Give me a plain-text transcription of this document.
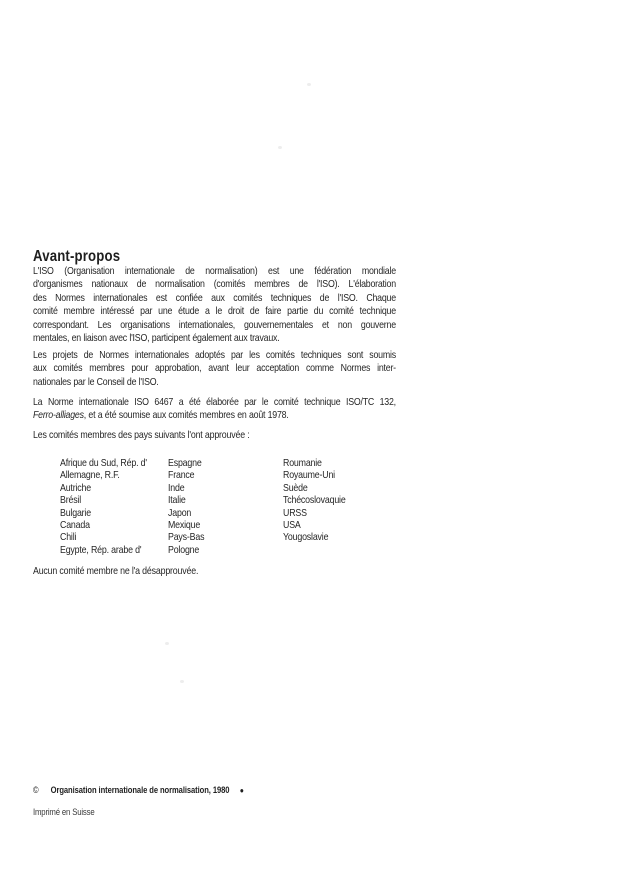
Avant-propos
L'ISO (Organisation internationale de normalisation) est une fédération mondiale
d'organismes nationaux de normalisation (comités membres de l'ISO). L'élaboration
des Normes internationales est confiée aux comités techniques de l'ISO. Chaque
comité membre intéressé par une étude a le droit de faire partie du comité technique
correspondant. Les organisations internationales, gouvernementales et non gouverne
mentales, en liaison avec l'ISO, participent également aux travaux.
Les projets de Normes internationales adoptés par les comités techniques sont soumis
aux comités membres pour approbation, avant leur acceptation comme Normes inter-
nationales par le Conseil de l'ISO.
La Norme internationale ISO 6467 a été élaborée par le comité technique ISO/TC 132,
Ferro-alliages, et a été soumise aux comités membres en août 1978.
Les comités membres des pays suivants l'ont approuvée :
Afrique du Sud, Rép. d'
Allemagne, R.F.
Autriche
Brésil
Bulgarie
Canada
Chili
Egypte, Rép. arabe d'
Espagne
France
Inde
Italie
Japon
Mexique
Pays-Bas
Pologne
Roumanie
Royaume-Uni
Suède
Tchécoslovaquie
URSS
USA
Yougoslavie
Aucun comité membre ne l'a désapprouvée.
© Organisation internationale de normalisation, 1980 ●
Imprimé en Suisse
